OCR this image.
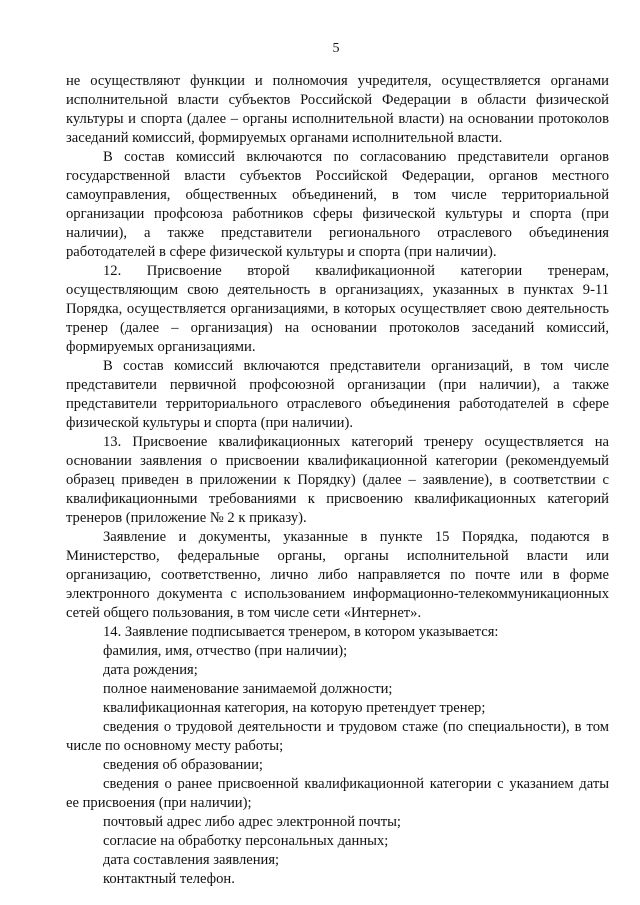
5

не осуществляют функции и полномочия учредителя, осуществляется органами исполнительной власти субъектов Российской Федерации в области физической культуры и спорта (далее – органы исполнительной власти) на основании протоколов заседаний комиссий, формируемых органами исполнительной власти.

В состав комиссий включаются по согласованию представители органов государственной власти субъектов Российской Федерации, органов местного самоуправления, общественных объединений, в том числе территориальной организации профсоюза работников сферы физической культуры и спорта (при наличии), а также представители регионального отраслевого объединения работодателей в сфере физической культуры и спорта (при наличии).

12. Присвоение второй квалификационной категории тренерам, осуществляющим свою деятельность в организациях, указанных в пунктах 9-11 Порядка, осуществляется организациями, в которых осуществляет свою деятельность тренер (далее – организация) на основании протоколов заседаний комиссий, формируемых организациями.

В состав комиссий включаются представители организаций, в том числе представители первичной профсоюзной организации (при наличии), а также представители территориального отраслевого объединения работодателей в сфере физической культуры и спорта (при наличии).

13. Присвоение квалификационных категорий тренеру осуществляется на основании заявления о присвоении квалификационной категории (рекомендуемый образец приведен в приложении к Порядку) (далее – заявление), в соответствии с квалификационными требованиями к присвоению квалификационных категорий тренеров (приложение № 2 к приказу).

Заявление и документы, указанные в пункте 15 Порядка, подаются в Министерство, федеральные органы, органы исполнительной власти или организацию, соответственно, лично либо направляется по почте или в форме электронного документа с использованием информационно-телекоммуникационных сетей общего пользования, в том числе сети «Интернет».

14. Заявление подписывается тренером, в котором указывается:

фамилия, имя, отчество (при наличии);

дата рождения;

полное наименование занимаемой должности;

квалификационная категория, на которую претендует тренер;

сведения о трудовой деятельности и трудовом стаже (по специальности), в том числе по основному месту работы;

сведения об образовании;

сведения о ранее присвоенной квалификационной категории с указанием даты ее присвоения (при наличии);

почтовый адрес либо адрес электронной почты;

согласие на обработку персональных данных;

дата составления заявления;

контактный телефон.
